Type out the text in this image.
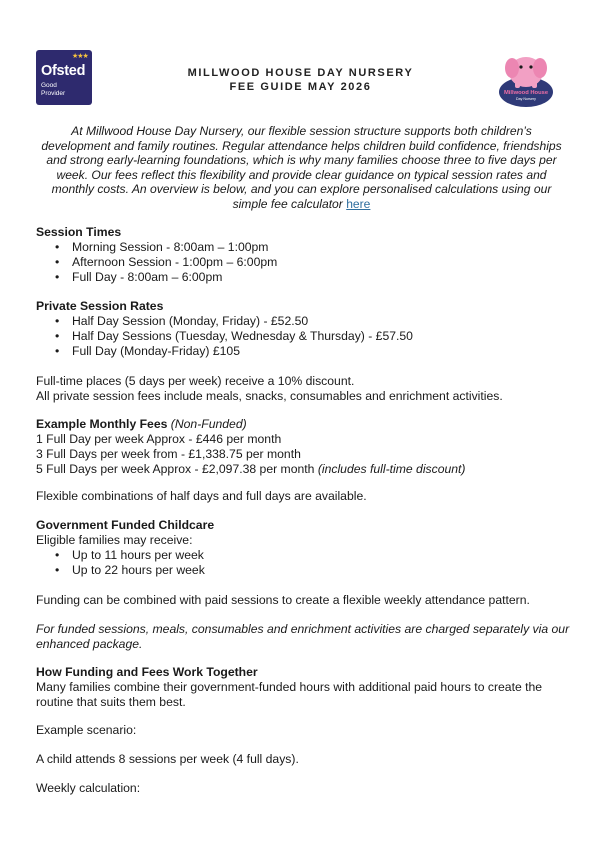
★★★
Ofsted
Good
Provider
MILLWOOD HOUSE DAY NURSERY
FEE GUIDE MAY 2026	Millwood House
Day Nursery
At Millwood House Day Nursery, our flexible session structure supports both children’s development and family routines. Regular attendance helps children build confidence, friendships and strong early-learning foundations, which is why many families choose three to five days per week. Our fees reflect this flexibility and provide clear guidance on typical session rates and monthly costs. An overview is below, and you can explore personalised calculations using our simple fee calculator here
Session Times
• Morning Session - 8:00am – 1:00pm
• Afternoon Session - 1:00pm – 6:00pm
• Full Day - 8:00am – 6:00pm
Private Session Rates
• Half Day Session (Monday, Friday) - £52.50
• Half Day Sessions (Tuesday, Wednesday & Thursday) - £57.50
• Full Day (Monday-Friday) £105
Full-time places (5 days per week) receive a 10% discount.
All private session fees include meals, snacks, consumables and enrichment activities.
Example Monthly Fees (Non-Funded)
1 Full Day per week Approx - £446 per month
3 Full Days per week from - £1,338.75 per month
5 Full Days per week Approx - £2,097.38 per month (includes full-time discount)
Flexible combinations of half days and full days are available.
Government Funded Childcare
Eligible families may receive:
• Up to 11 hours per week
• Up to 22 hours per week
Funding can be combined with paid sessions to create a flexible weekly attendance pattern.
For funded sessions, meals, consumables and enrichment activities are charged separately via our enhanced package.
How Funding and Fees Work Together
Many families combine their government-funded hours with additional paid hours to create the routine that suits them best.
Example scenario:
A child attends 8 sessions per week (4 full days).
Weekly calculation:
